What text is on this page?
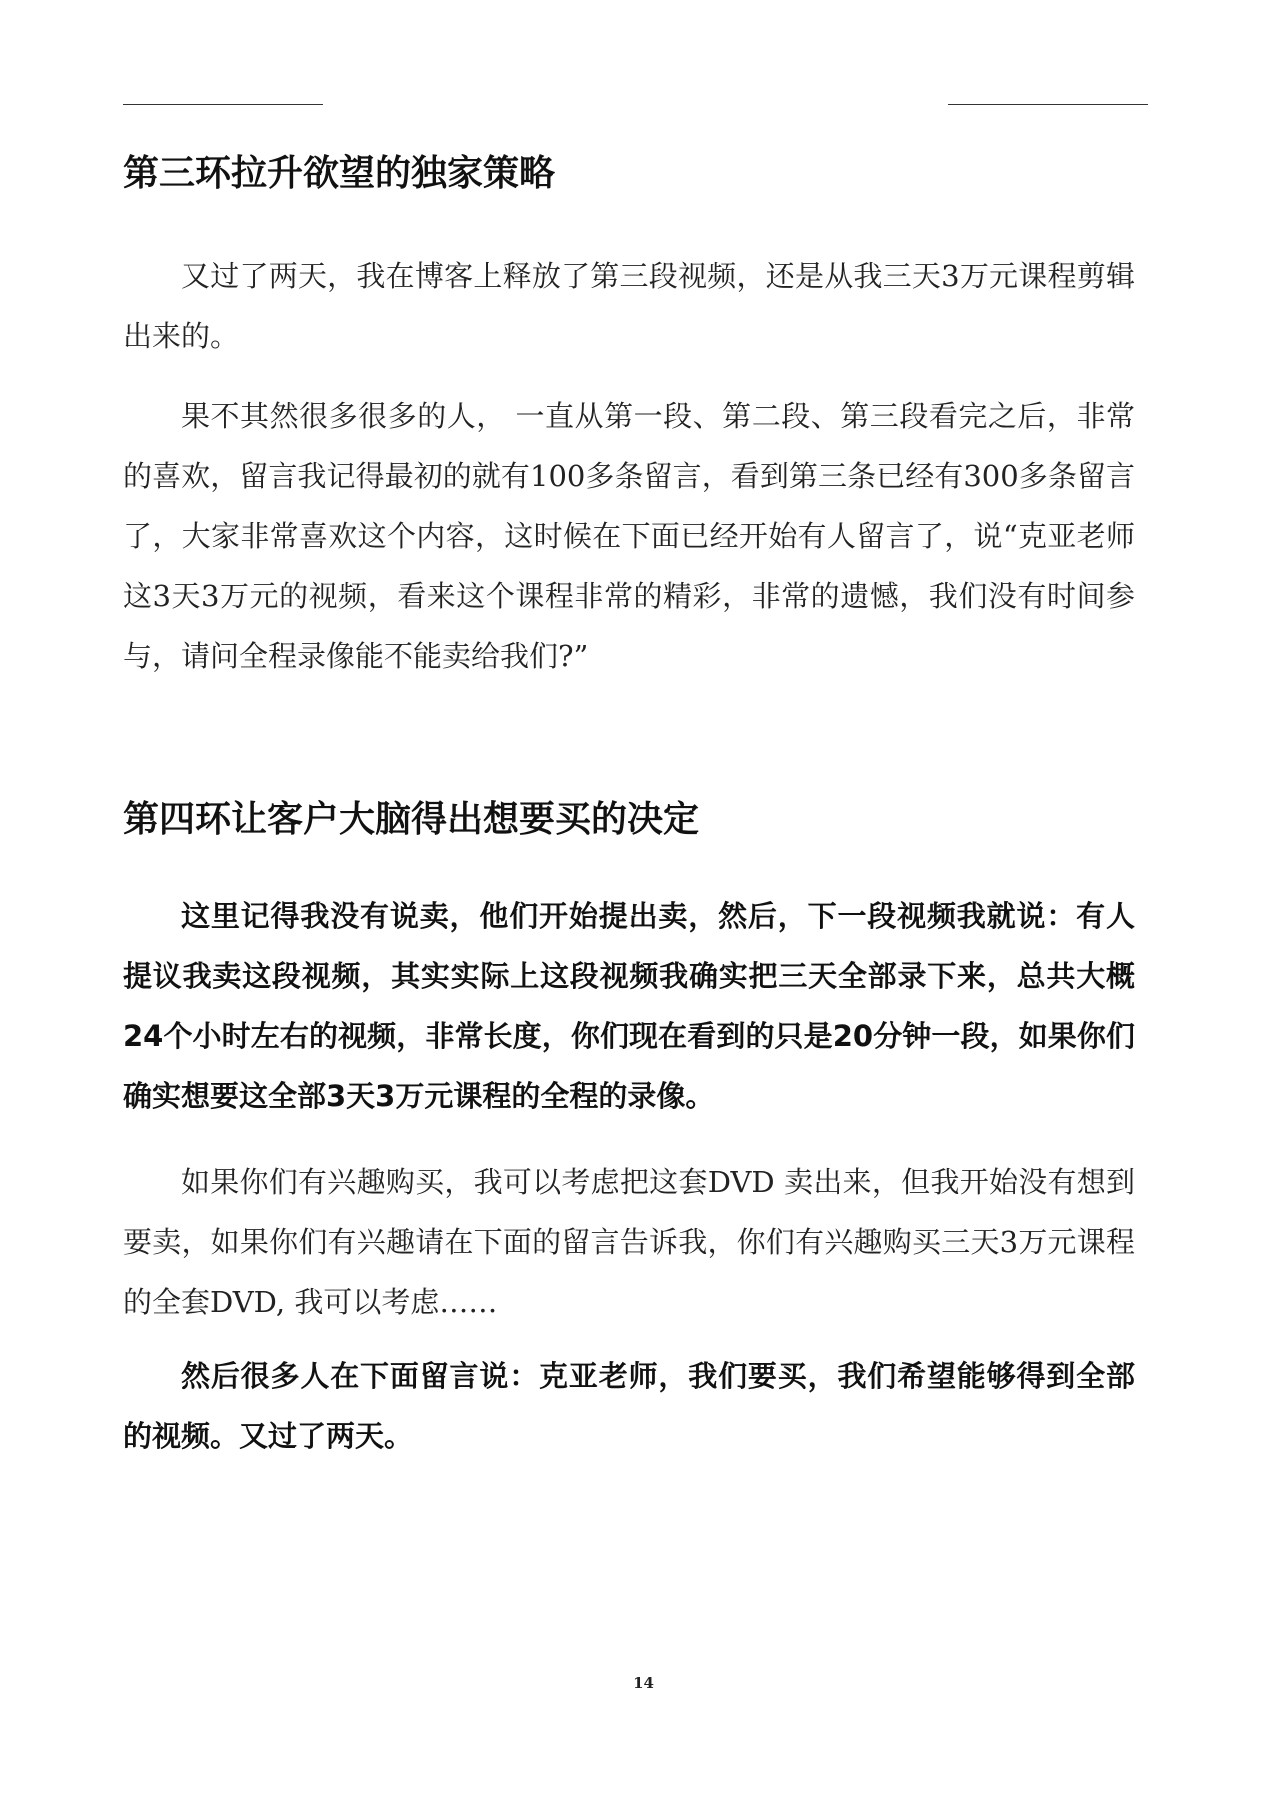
第三环拉升欲望的独家策略

又过了两天，我在博客上释放了第三段视频，还是从我三天3万元课程剪辑出来的。

果不其然很多很多的人， 一直从第一段、第二段、第三段看完之后，非常的喜欢，留言我记得最初的就有100多条留言，看到第三条已经有300多条留言了，大家非常喜欢这个内容，这时候在下面已经开始有人留言了，说“克亚老师这3天3万元的视频，看来这个课程非常的精彩，非常的遗憾，我们没有时间参与，请问全程录像能不能卖给我们?”

第四环让客户大脑得出想要买的决定

这里记得我没有说卖，他们开始提出卖，然后，下一段视频我就说：有人提议我卖这段视频，其实实际上这段视频我确实把三天全部录下来，总共大概24个小时左右的视频，非常长度，你们现在看到的只是20分钟一段，如果你们确实想要这全部3天3万元课程的全程的录像。

如果你们有兴趣购买，我可以考虑把这套DVD 卖出来，但我开始没有想到要卖，如果你们有兴趣请在下面的留言告诉我，你们有兴趣购买三天3万元课程的全套DVD, 我可以考虑……

然后很多人在下面留言说：克亚老师，我们要买，我们希望能够得到全部的视频。又过了两天。

14
